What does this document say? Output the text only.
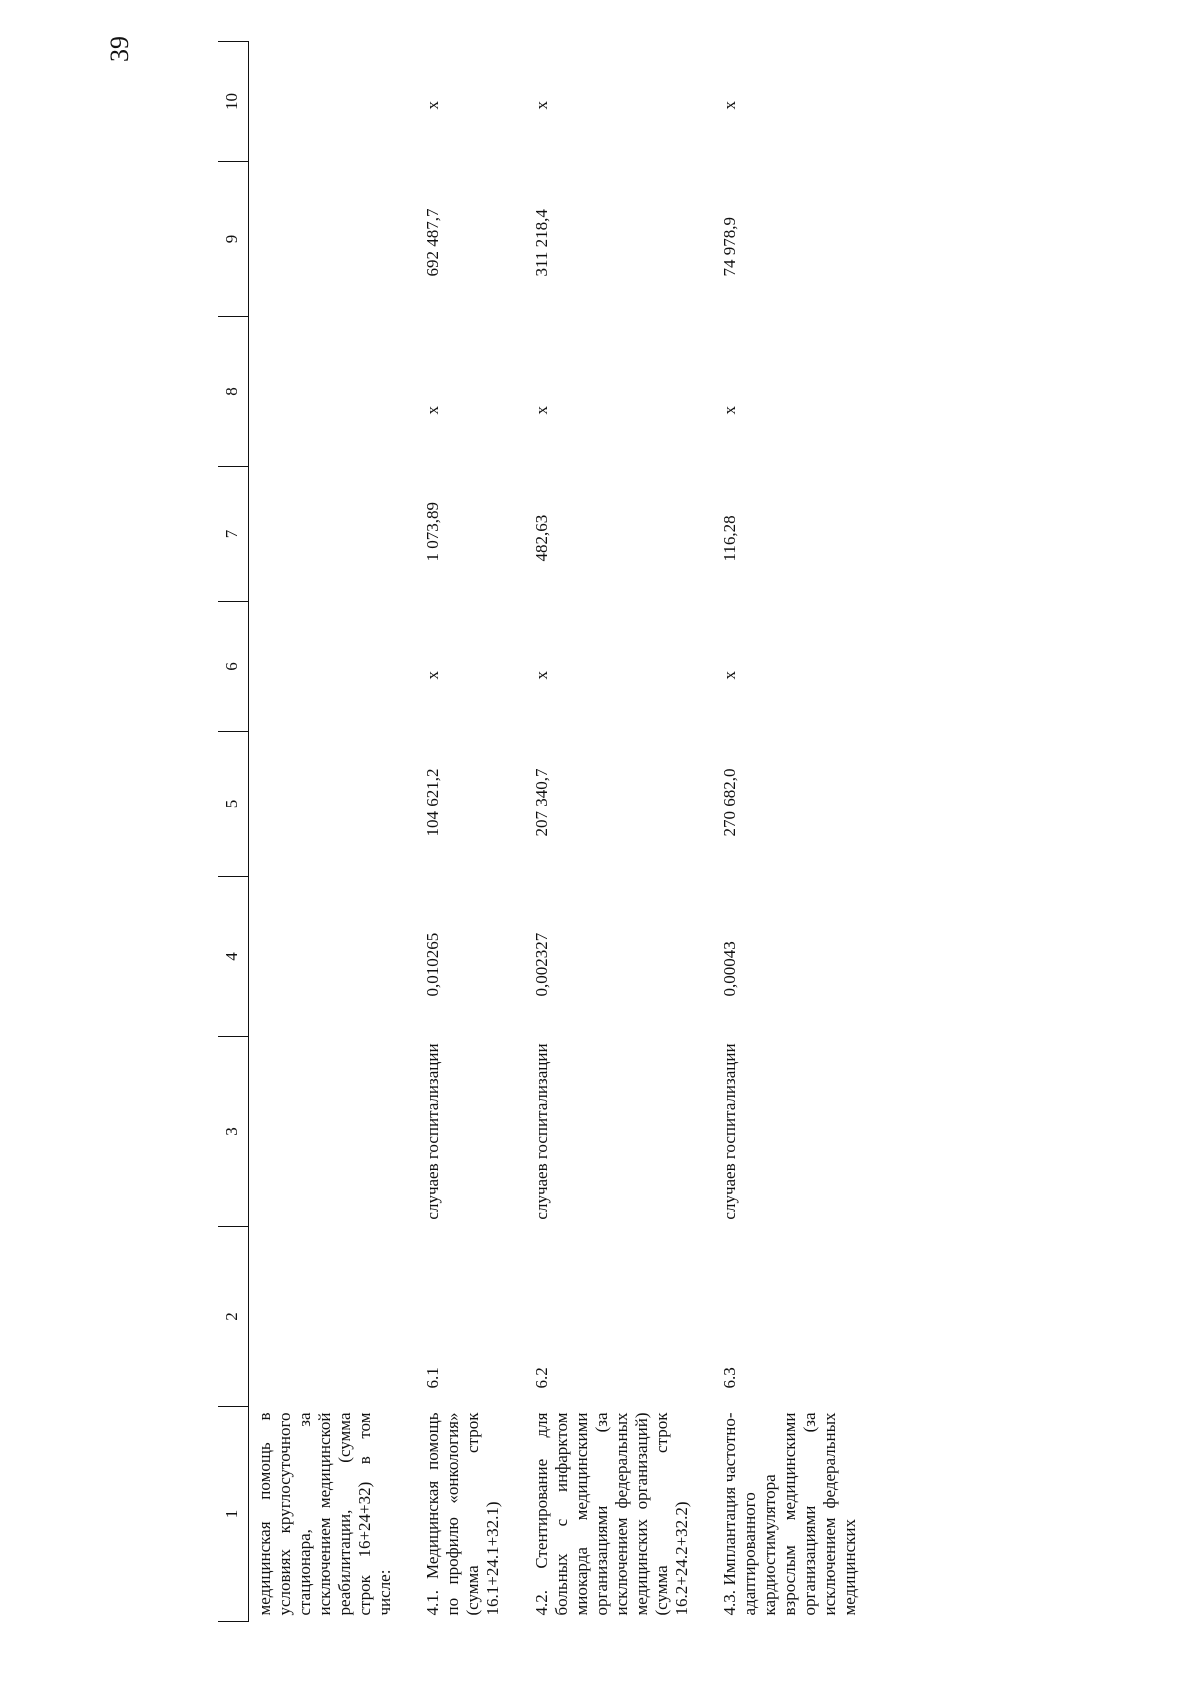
39
1	2	3	4	5	6	7	8	9	10
медицинская помощь в условиях круглосуточного стационара, за исключением медицинской реабилитации, (сумма строк 16+24+32) в том числе:									
4.1. Медицинская помощь по профилю «онкология» (сумма строк 16.1+24.1+32.1)	6.1	случаев госпитализации	0,010265	104 621,2	х	1 073,89	х	692 487,7	х
4.2. Стентирование для больных с инфарктом миокарда медицинскими организациями (за исключением федеральных медицинских организаций) (сумма строк 16.2+24.2+32.2)	6.2	случаев госпитализации	0,002327	207 340,7	х	482,63	х	311 218,4	х
4.3. Имплантация частотно-адаптированного кардиостимулятора взрослым медицинскими организациями (за исключением федеральных медицинских	6.3	случаев госпитализации	0,00043	270 682,0	х	116,28	х	74 978,9	х
